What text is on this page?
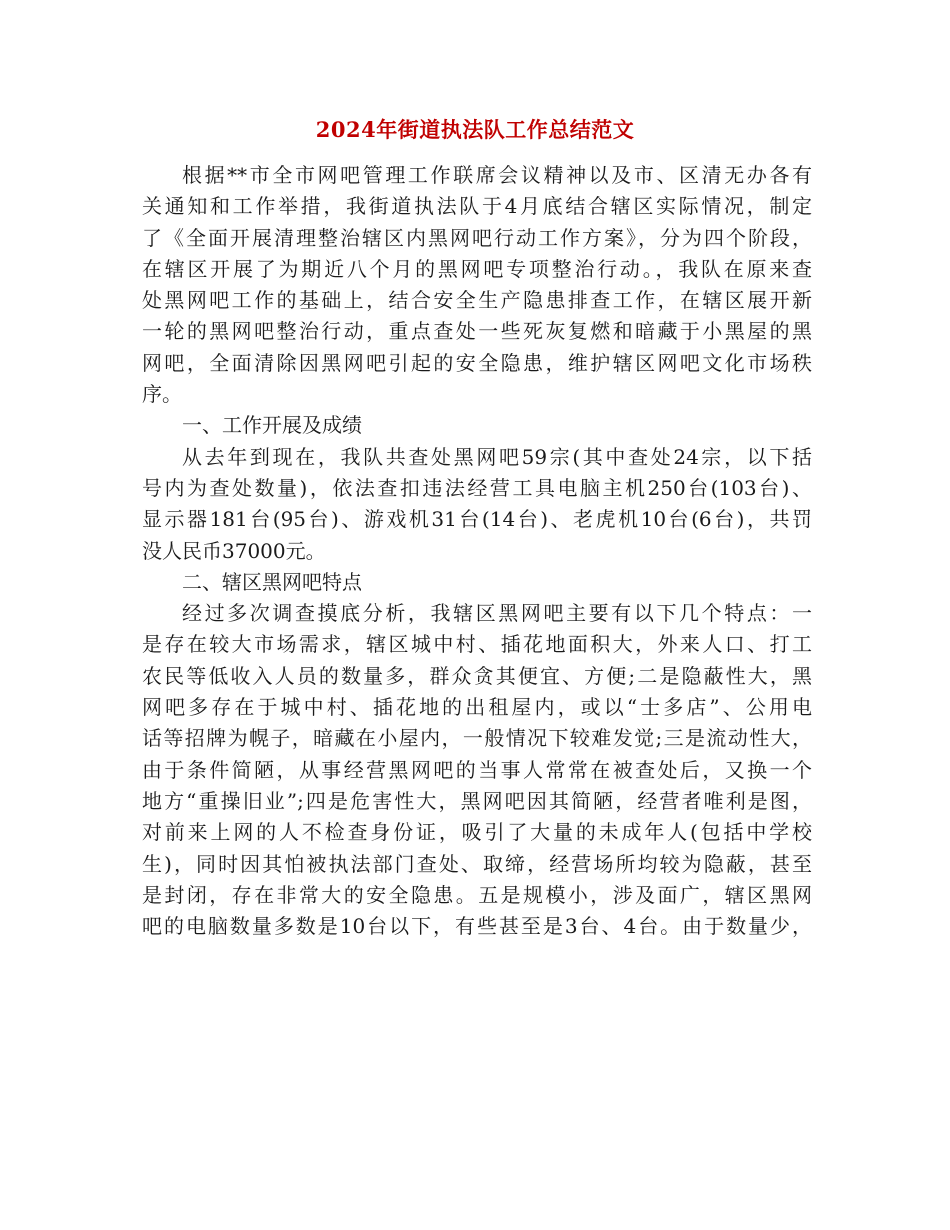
2024年街道执法队工作总结范文
根据**市全市网吧管理工作联席会议精神以及市、区清无办各有
关通知和工作举措，我街道执法队于4月底结合辖区实际情况，制定
了《全面开展清理整治辖区内黑网吧行动工作方案》，分为四个阶段，
在辖区开展了为期近八个月的黑网吧专项整治行动。，我队在原来查
处黑网吧工作的基础上，结合安全生产隐患排查工作，在辖区展开新
一轮的黑网吧整治行动，重点查处一些死灰复燃和暗藏于小黑屋的黑
网吧，全面清除因黑网吧引起的安全隐患，维护辖区网吧文化市场秩
序。
一、工作开展及成绩
从去年到现在，我队共查处黑网吧59宗(其中查处24宗，以下括
号内为查处数量)，依法查扣违法经营工具电脑主机250台(103台)、
显示器181台(95台)、游戏机31台(14台)、老虎机10台(6台)，共罚
没人民币37000元。
二、辖区黑网吧特点
经过多次调查摸底分析，我辖区黑网吧主要有以下几个特点：一
是存在较大市场需求，辖区城中村、插花地面积大，外来人口、打工
农民等低收入人员的数量多，群众贪其便宜、方便;二是隐蔽性大，黑
网吧多存在于城中村、插花地的出租屋内，或以“士多店”、公用电
话等招牌为幌子，暗藏在小屋内，一般情况下较难发觉;三是流动性大，
由于条件简陋，从事经营黑网吧的当事人常常在被查处后，又换一个
地方“重操旧业”;四是危害性大，黑网吧因其简陋，经营者唯利是图，
对前来上网的人不检查身份证，吸引了大量的未成年人(包括中学校
生)，同时因其怕被执法部门查处、取缔，经营场所均较为隐蔽，甚至
是封闭，存在非常大的安全隐患。五是规模小，涉及面广，辖区黑网
吧的电脑数量多数是10台以下，有些甚至是3台、4台。由于数量少，
